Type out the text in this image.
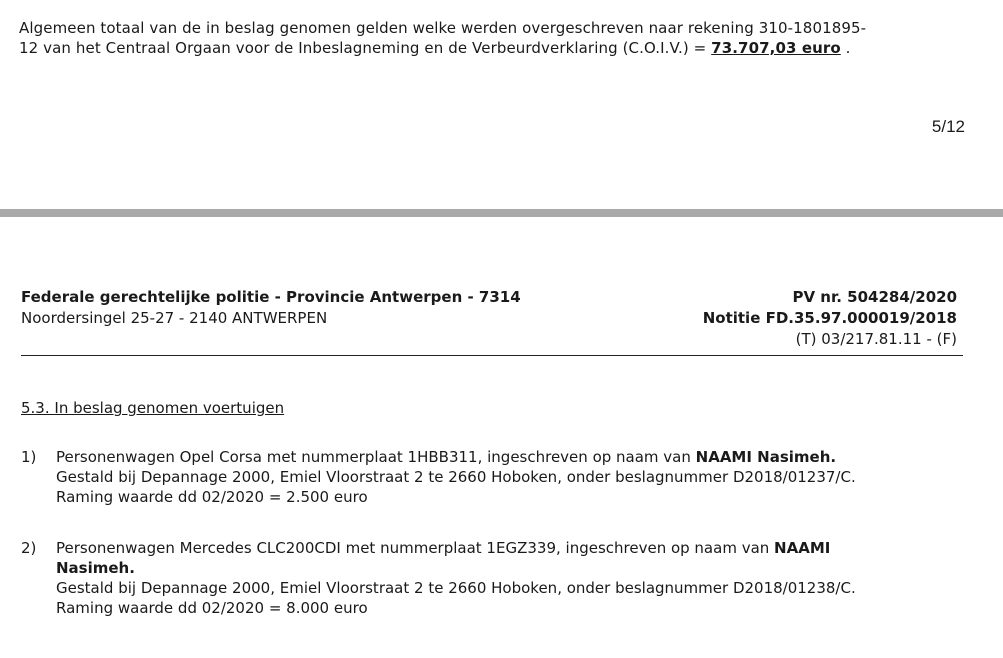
Algemeen totaal van de in beslag genomen gelden welke werden overgeschreven naar rekening 310-1801895-
12 van het Centraal Orgaan voor de Inbeslagneming en de Verbeurdverklaring (C.O.I.V.) = 73.707,03 euro .
5/12
Federale gerechtelijke politie - Provincie Antwerpen - 7314
Noordersingel 25-27 - 2140 ANTWERPEN
PV nr. 504284/2020
Notitie FD.35.97.000019/2018
(T) 03/217.81.11 - (F)
5.3. In beslag genomen voertuigen
1) Personenwagen Opel Corsa met nummerplaat 1HBB311, ingeschreven op naam van NAAMI Nasimeh.
Gestald bij Depannage 2000, Emiel Vloorstraat 2 te 2660 Hoboken, onder beslagnummer D2018/01237/C.
Raming waarde dd 02/2020 = 2.500 euro
2) Personenwagen Mercedes CLC200CDI met nummerplaat 1EGZ339, ingeschreven op naam van NAAMI
Nasimeh.
Gestald bij Depannage 2000, Emiel Vloorstraat 2 te 2660 Hoboken, onder beslagnummer D2018/01238/C.
Raming waarde dd 02/2020 = 8.000 euro
